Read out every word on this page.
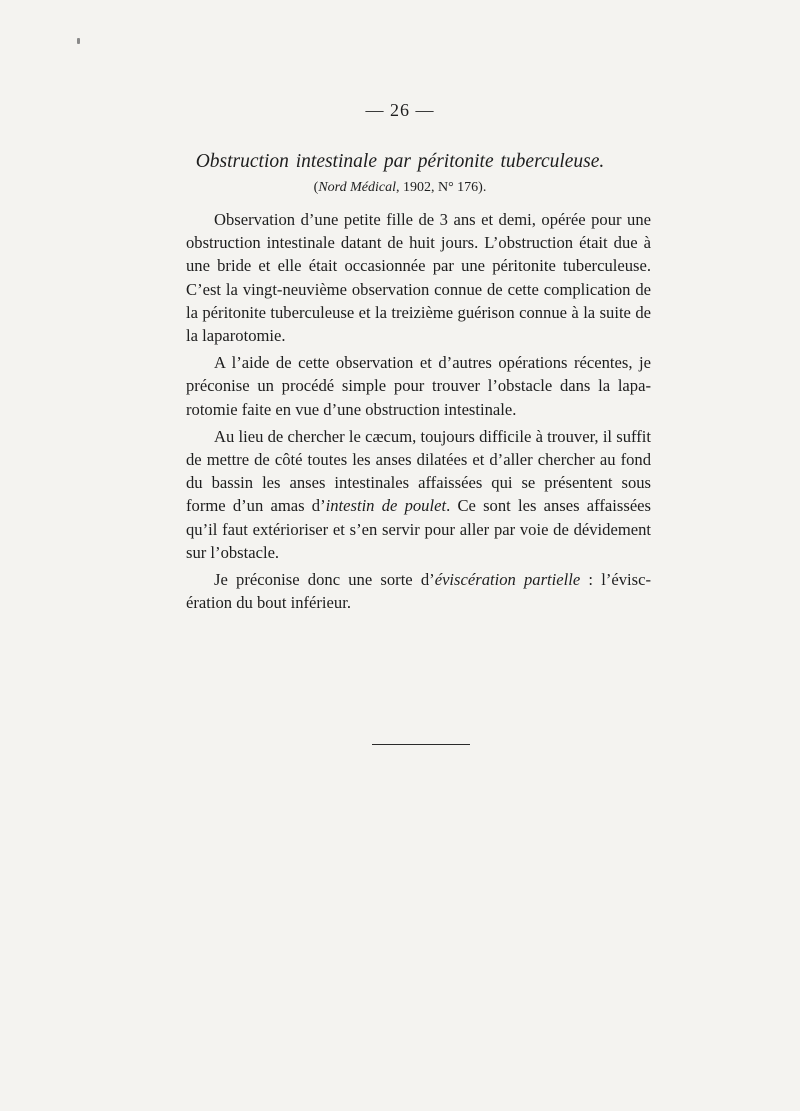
— 26 —
Obstruction intestinale par péritonite tuberculeuse.
(Nord Médical, 1902, N° 176).

Observation d’une petite fille de 3 ans et demi, opérée pour une obstruction intestinale datant de huit jours. L’obstruction était due à une bride et elle était occasionnée par une péritonite tuberculeuse. C’est la vingt-neuvième observation connue de cette complication de la péritonite tuberculeuse et la treizième guérison connue à la suite de la laparotomie.

A l’aide de cette observation et d’autres opérations récentes, je préconise un procédé simple pour trouver l’obstacle dans la laparotomie faite en vue d’une obstruction intestinale.

Au lieu de chercher le cæcum, toujours difficile à trouver, il suffit de mettre de côté toutes les anses dilatées et d’aller chercher au fond du bassin les anses intestinales affaissées qui se présentent sous forme d’un amas d’intestin de poulet. Ce sont les anses affaissées qu’il faut extérioriser et s’en servir pour aller par voie de dévidement sur l’obstacle.

Je préconise donc une sorte d’éviscération partielle : l’éviscération du bout inférieur.
